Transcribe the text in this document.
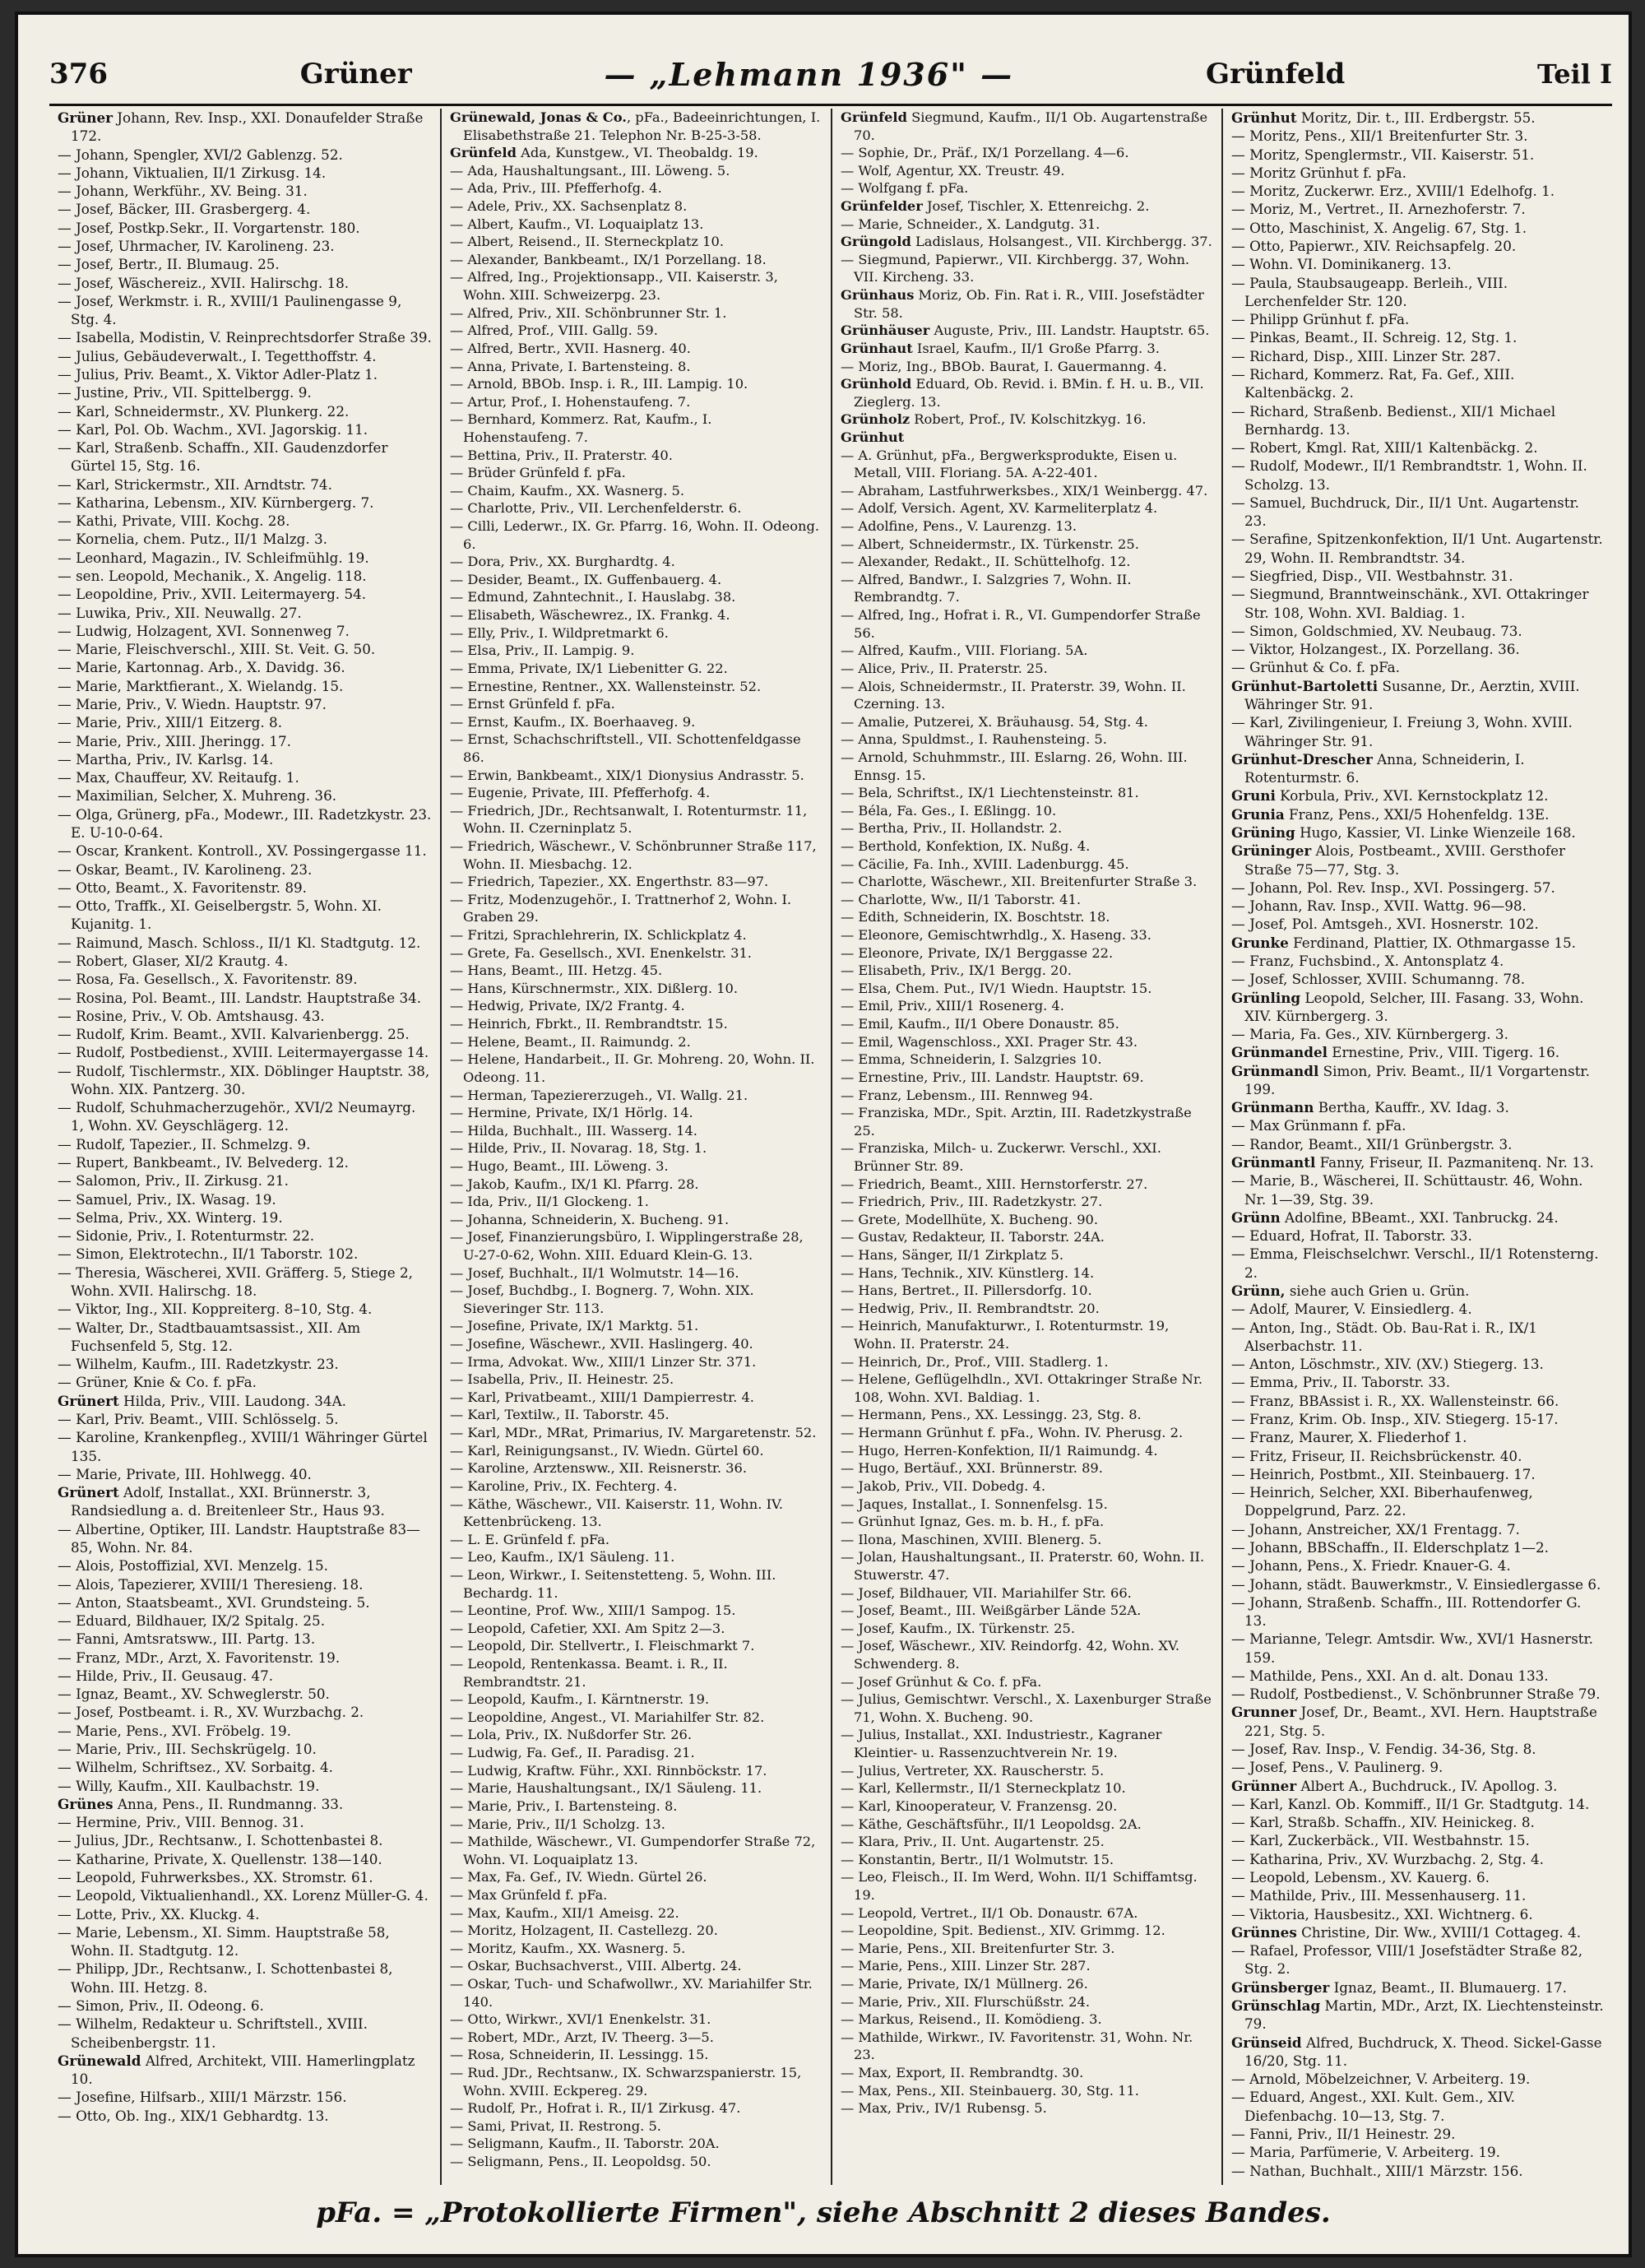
376	Grüner	— „Lehmann 1936" —	Grünfeld	Teil I

Grüner Johann, Rev. Insp., XXI. Donaufelder Straße 172.

— Johann, Spengler, XVI/2 Gablenzg. 52.

— Johann, Viktualien, II/1 Zirkusg. 14.

— Johann, Werkführ., XV. Being. 31.

— Josef, Bäcker, III. Grasbergerg. 4.

— Josef, Postkp.Sekr., II. Vorgartenstr. 180.

— Josef, Uhrmacher, IV. Karolineng. 23.

— Josef, Bertr., II. Blumaug. 25.

— Josef, Wäschereiz., XVII. Halirschg. 18.

— Josef, Werkmstr. i. R., XVIII/1 Paulinengasse 9, Stg. 4.

— Isabella, Modistin, V. Reinprechtsdorfer Straße 39.

— Julius, Gebäudeverwalt., I. Tegetthoffstr. 4.

— Julius, Priv. Beamt., X. Viktor Adler-Platz 1.

— Justine, Priv., VII. Spittelbergg. 9.

— Karl, Schneidermstr., XV. Plunkerg. 22.

— Karl, Pol. Ob. Wachm., XVI. Jagorskig. 11.

— Karl, Straßenb. Schaffn., XII. Gaudenzdorfer Gürtel 15, Stg. 16.

— Karl, Strickermstr., XII. Arndtstr. 74.

— Katharina, Lebensm., XIV. Kürnbergerg. 7.

— Kathi, Private, VIII. Kochg. 28.

— Kornelia, chem. Putz., II/1 Malzg. 3.

— Leonhard, Magazin., IV. Schleifmühlg. 19.

— sen. Leopold, Mechanik., X. Angelig. 118.

— Leopoldine, Priv., XVII. Leitermayerg. 54.

— Luwika, Priv., XII. Neuwallg. 27.

— Ludwig, Holzagent, XVI. Sonnenweg 7.

— Marie, Fleischverschl., XIII. St. Veit. G. 50.

— Marie, Kartonnag. Arb., X. Davidg. 36.

— Marie, Marktfierant., X. Wielandg. 15.

— Marie, Priv., V. Wiedn. Hauptstr. 97.

— Marie, Priv., XIII/1 Eitzerg. 8.

— Marie, Priv., XIII. Jheringg. 17.

— Martha, Priv., IV. Karlsg. 14.

— Max, Chauffeur, XV. Reitaufg. 1.

— Maximilian, Selcher, X. Muhreng. 36.

— Olga, Grünerg, pFa., Modewr., III. Radetzkystr. 23. E. U-10-0-64.

— Oscar, Krankent. Kontroll., XV. Possingergasse 11.

— Oskar, Beamt., IV. Karolineng. 23.

— Otto, Beamt., X. Favoritenstr. 89.

— Otto, Traffk., XI. Geiselbergstr. 5, Wohn. XI. Kujanitg. 1.

— Raimund, Masch. Schloss., II/1 Kl. Stadtgutg. 12.

— Robert, Glaser, XI/2 Krautg. 4.

— Rosa, Fa. Gesellsch., X. Favoritenstr. 89.

— Rosina, Pol. Beamt., III. Landstr. Hauptstraße 34.

— Rosine, Priv., V. Ob. Amtshausg. 43.

— Rudolf, Krim. Beamt., XVII. Kalvarienbergg. 25.

— Rudolf, Postbedienst., XVIII. Leitermayergasse 14.

— Rudolf, Tischlermstr., XIX. Döblinger Hauptstr. 38, Wohn. XIX. Pantzerg. 30.

— Rudolf, Schuhmacherzugehör., XVI/2 Neumayrg. 1, Wohn. XV. Geyschlägerg. 12.

— Rudolf, Tapezier., II. Schmelzg. 9.

— Rupert, Bankbeamt., IV. Belvederg. 12.

— Salomon, Priv., II. Zirkusg. 21.

— Samuel, Priv., IX. Wasag. 19.

— Selma, Priv., XX. Winterg. 19.

— Sidonie, Priv., I. Rotenturmstr. 22.

— Simon, Elektrotechn., II/1 Taborstr. 102.

— Theresia, Wäscherei, XVII. Gräfferg. 5, Stiege 2, Wohn. XVII. Halirschg. 18.

— Viktor, Ing., XII. Koppreiterg. 8–10, Stg. 4.

— Walter, Dr., Stadtbauamtsassist., XII. Am Fuchsenfeld 5, Stg. 12.

— Wilhelm, Kaufm., III. Radetzkystr. 23.

— Grüner, Knie & Co. f. pFa.

Grünert Hilda, Priv., VIII. Laudong. 34A.

— Karl, Priv. Beamt., VIII. Schlösselg. 5.

— Karoline, Krankenpfleg., XVIII/1 Währinger Gürtel 135.

— Marie, Private, III. Hohlwegg. 40.

Grünert Adolf, Installat., XXI. Brünnerstr. 3, Randsiedlung a. d. Breitenleer Str., Haus 93.

— Albertine, Optiker, III. Landstr. Hauptstraße 83—85, Wohn. Nr. 84.

— Alois, Postoffizial, XVI. Menzelg. 15.

— Alois, Tapezierer, XVIII/1 Theresieng. 18.

— Anton, Staatsbeamt., XVI. Grundsteing. 5.

— Eduard, Bildhauer, IX/2 Spitalg. 25.

— Fanni, Amtsratsww., III. Partg. 13.

— Franz, MDr., Arzt, X. Favoritenstr. 19.

— Hilde, Priv., II. Geusaug. 47.

— Ignaz, Beamt., XV. Schweglerstr. 50.

— Josef, Postbeamt. i. R., XV. Wurzbachg. 2.

— Marie, Pens., XVI. Fröbelg. 19.

— Marie, Priv., III. Sechskrügelg. 10.

— Wilhelm, Schriftsez., XV. Sorbaitg. 4.

— Willy, Kaufm., XII. Kaulbachstr. 19.

Grünes Anna, Pens., II. Rundmanng. 33.

— Hermine, Priv., VIII. Bennog. 31.

— Julius, JDr., Rechtsanw., I. Schottenbastei 8.

— Katharine, Private, X. Quellenstr. 138—140.

— Leopold, Fuhrwerksbes., XX. Stromstr. 61.

— Leopold, Viktualienhandl., XX. Lorenz Müller-G. 4.

— Lotte, Priv., XX. Kluckg. 4.

— Marie, Lebensm., XI. Simm. Hauptstraße 58, Wohn. II. Stadtgutg. 12.

— Philipp, JDr., Rechtsanw., I. Schottenbastei 8, Wohn. III. Hetzg. 8.

— Simon, Priv., II. Odeong. 6.

— Wilhelm, Redakteur u. Schriftstell., XVIII. Scheibenbergstr. 11.

Grünewald Alfred, Architekt, VIII. Hamerlingplatz 10.

— Josefine, Hilfsarb., XIII/1 Märzstr. 156.

— Otto, Ob. Ing., XIX/1 Gebhardtg. 13.

Grünewald, Jonas & Co., pFa., Badeeinrichtungen, I. Elisabethstraße 21. Telephon Nr. B-25-3-58.

Grünfeld Ada, Kunstgew., VI. Theobaldg. 19.

— Ada, Haushaltungsant., III. Löweng. 5.

— Ada, Priv., III. Pfefferhofg. 4.

— Adele, Priv., XX. Sachsenplatz 8.

— Albert, Kaufm., VI. Loquaiplatz 13.

— Albert, Reisend., II. Sterneckplatz 10.

— Alexander, Bankbeamt., IX/1 Porzellang. 18.

— Alfred, Ing., Projektionsapp., VII. Kaiserstr. 3, Wohn. XIII. Schweizerpg. 23.

— Alfred, Priv., XII. Schönbrunner Str. 1.

— Alfred, Prof., VIII. Gallg. 59.

— Alfred, Bertr., XVII. Hasnerg. 40.

— Anna, Private, I. Bartensteing. 8.

— Arnold, BBOb. Insp. i. R., III. Lampig. 10.

— Artur, Prof., I. Hohenstaufeng. 7.

— Bernhard, Kommerz. Rat, Kaufm., I. Hohenstaufeng. 7.

— Bettina, Priv., II. Praterstr. 40.

— Brüder Grünfeld f. pFa.

— Chaim, Kaufm., XX. Wasnerg. 5.

— Charlotte, Priv., VII. Lerchenfelderstr. 6.

— Cilli, Lederwr., IX. Gr. Pfarrg. 16, Wohn. II. Odeong. 6.

— Dora, Priv., XX. Burghardtg. 4.

— Desider, Beamt., IX. Guffenbauerg. 4.

— Edmund, Zahntechnit., I. Hauslabg. 38.

— Elisabeth, Wäschewrez., IX. Frankg. 4.

— Elly, Priv., I. Wildpretmarkt 6.

— Elsa, Priv., II. Lampig. 9.

— Emma, Private, IX/1 Liebenitter G. 22.

— Ernestine, Rentner., XX. Wallensteinstr. 52.

— Ernst Grünfeld f. pFa.

— Ernst, Kaufm., IX. Boerhaaveg. 9.

— Ernst, Schachschriftstell., VII. Schottenfeldgasse 86.

— Erwin, Bankbeamt., XIX/1 Dionysius Andrasstr. 5.

— Eugenie, Private, III. Pfefferhofg. 4.

— Friedrich, JDr., Rechtsanwalt, I. Rotenturmstr. 11, Wohn. II. Czerninplatz 5.

— Friedrich, Wäschewr., V. Schönbrunner Straße 117, Wohn. II. Miesbachg. 12.

— Friedrich, Tapezier., XX. Engerthstr. 83—97.

— Fritz, Modenzugehör., I. Trattnerhof 2, Wohn. I. Graben 29.

— Fritzi, Sprachlehrerin, IX. Schlickplatz 4.

— Grete, Fa. Gesellsch., XVI. Enenkelstr. 31.

— Hans, Beamt., III. Hetzg. 45.

— Hans, Kürschnermstr., XIX. Dißlerg. 10.

— Hedwig, Private, IX/2 Frantg. 4.

— Heinrich, Fbrkt., II. Rembrandtstr. 15.

— Helene, Beamt., II. Raimundg. 2.

— Helene, Handarbeit., II. Gr. Mohreng. 20, Wohn. II. Odeong. 11.

— Herman, Tapeziererzugeh., VI. Wallg. 21.

— Hermine, Private, IX/1 Hörlg. 14.

— Hilda, Buchhalt., III. Wasserg. 14.

— Hilde, Priv., II. Novarag. 18, Stg. 1.

— Hugo, Beamt., III. Löweng. 3.

— Jakob, Kaufm., IX/1 Kl. Pfarrg. 28.

— Ida, Priv., II/1 Glockeng. 1.

— Johanna, Schneiderin, X. Bucheng. 91.

— Josef, Finanzierungsbüro, I. Wipplingerstraße 28, U-27-0-62, Wohn. XIII. Eduard Klein-G. 13.

— Josef, Buchhalt., II/1 Wolmutstr. 14—16.

— Josef, Buchdbg., I. Bognerg. 7, Wohn. XIX. Sieveringer Str. 113.

— Josefine, Private, IX/1 Marktg. 51.

— Josefine, Wäschewr., XVII. Haslingerg. 40.

— Irma, Advokat. Ww., XIII/1 Linzer Str. 371.

— Isabella, Priv., II. Heinestr. 25.

— Karl, Privatbeamt., XIII/1 Dampierrestr. 4.

— Karl, Textilw., II. Taborstr. 45.

— Karl, MDr., MRat, Primarius, IV. Margaretenstr. 52.

— Karl, Reinigungsanst., IV. Wiedn. Gürtel 60.

— Karoline, Arztensww., XII. Reisnerstr. 36.

— Karoline, Priv., IX. Fechterg. 4.

— Käthe, Wäschewr., VII. Kaiserstr. 11, Wohn. IV. Kettenbrückeng. 13.

— L. E. Grünfeld f. pFa.

— Leo, Kaufm., IX/1 Säuleng. 11.

— Leon, Wirkwr., I. Seitenstetteng. 5, Wohn. III. Bechardg. 11.

— Leontine, Prof. Ww., XIII/1 Sampog. 15.

— Leopold, Cafetier, XXI. Am Spitz 2—3.

— Leopold, Dir. Stellvertr., I. Fleischmarkt 7.

— Leopold, Rentenkassa. Beamt. i. R., II. Rembrandtstr. 21.

— Leopold, Kaufm., I. Kärntnerstr. 19.

— Leopoldine, Angest., VI. Mariahilfer Str. 82.

— Lola, Priv., IX. Nußdorfer Str. 26.

— Ludwig, Fa. Gef., II. Paradisg. 21.

— Ludwig, Kraftw. Führ., XXI. Rinnböckstr. 17.

— Marie, Haushaltungsant., IX/1 Säuleng. 11.

— Marie, Priv., I. Bartensteing. 8.

— Marie, Priv., II/1 Scholzg. 13.

— Mathilde, Wäschewr., VI. Gumpendorfer Straße 72, Wohn. VI. Loquaiplatz 13.

— Max, Fa. Gef., IV. Wiedn. Gürtel 26.

— Max Grünfeld f. pFa.

— Max, Kaufm., XII/1 Ameisg. 22.

— Moritz, Holzagent, II. Castellezg. 20.

— Moritz, Kaufm., XX. Wasnerg. 5.

— Oskar, Buchsachverst., VIII. Albertg. 24.

— Oskar, Tuch- und Schafwollwr., XV. Mariahilfer Str. 140.

— Otto, Wirkwr., XVI/1 Enenkelstr. 31.

— Robert, MDr., Arzt, IV. Theerg. 3—5.

— Rosa, Schneiderin, II. Lessingg. 15.

— Rud. JDr., Rechtsanw., IX. Schwarzspanierstr. 15, Wohn. XVIII. Eckpereg. 29.

— Rudolf, Pr., Hofrat i. R., II/1 Zirkusg. 47.

— Sami, Privat, II. Restrong. 5.

— Seligmann, Kaufm., II. Taborstr. 20A.

— Seligmann, Pens., II. Leopoldsg. 50.

Grünfeld Siegmund, Kaufm., II/1 Ob. Augartenstraße 70.

— Sophie, Dr., Präf., IX/1 Porzellang. 4—6.

— Wolf, Agentur, XX. Treustr. 49.

— Wolfgang f. pFa.

Grünfelder Josef, Tischler, X. Ettenreichg. 2.

— Marie, Schneider., X. Landgutg. 31.

Grüngold Ladislaus, Holsangest., VII. Kirchbergg. 37.

— Siegmund, Papierwr., VII. Kirchbergg. 37, Wohn. VII. Kircheng. 33.

Grünhaus Moriz, Ob. Fin. Rat i. R., VIII. Josefstädter Str. 58.

Grünhäuser Auguste, Priv., III. Landstr. Hauptstr. 65.

Grünhaut Israel, Kaufm., II/1 Große Pfarrg. 3.

— Moriz, Ing., BBOb. Baurat, I. Gauermanng. 4.

Grünhold Eduard, Ob. Revid. i. BMin. f. H. u. B., VII. Zieglerg. 13.

Grünholz Robert, Prof., IV. Kolschitzkyg. 16.

Grünhut

— A. Grünhut, pFa., Bergwerksprodukte, Eisen u. Metall, VIII. Floriang. 5A. A-22-401.

— Abraham, Lastfuhrwerksbes., XIX/1 Weinbergg. 47.

— Adolf, Versich. Agent, XV. Karmeliterplatz 4.

— Adolfine, Pens., V. Laurenzg. 13.

— Albert, Schneidermstr., IX. Türkenstr. 25.

— Alexander, Redakt., II. Schüttelhofg. 12.

— Alfred, Bandwr., I. Salzgries 7, Wohn. II. Rembrandtg. 7.

— Alfred, Ing., Hofrat i. R., VI. Gumpendorfer Straße 56.

— Alfred, Kaufm., VIII. Floriang. 5A.

— Alice, Priv., II. Praterstr. 25.

— Alois, Schneidermstr., II. Praterstr. 39, Wohn. II. Czerning. 13.

— Amalie, Putzerei, X. Bräuhausg. 54, Stg. 4.

— Anna, Spuldmst., I. Rauhensteing. 5.

— Arnold, Schuhmmstr., III. Eslarng. 26, Wohn. III. Ennsg. 15.

— Bela, Schriftst., IX/1 Liechtensteinstr. 81.

— Béla, Fa. Ges., I. Eßlingg. 10.

— Bertha, Priv., II. Hollandstr. 2.

— Berthold, Konfektion, IX. Nußg. 4.

— Cäcilie, Fa. Inh., XVIII. Ladenburgg. 45.

— Charlotte, Wäschewr., XII. Breitenfurter Straße 3.

— Charlotte, Ww., II/1 Taborstr. 41.

— Edith, Schneiderin, IX. Boschtstr. 18.

— Eleonore, Gemischtwrhdlg., X. Haseng. 33.

— Eleonore, Private, IX/1 Berggasse 22.

— Elisabeth, Priv., IX/1 Bergg. 20.

— Elsa, Chem. Put., IV/1 Wiedn. Hauptstr. 15.

— Emil, Priv., XIII/1 Rosenerg. 4.

— Emil, Kaufm., II/1 Obere Donaustr. 85.

— Emil, Wagenschloss., XXI. Prager Str. 43.

— Emma, Schneiderin, I. Salzgries 10.

— Ernestine, Priv., III. Landstr. Hauptstr. 69.

— Franz, Lebensm., III. Rennweg 94.

— Franziska, MDr., Spit. Arztin, III. Radetzkystraße 25.

— Franziska, Milch- u. Zuckerwr. Verschl., XXI. Brünner Str. 89.

— Friedrich, Beamt., XIII. Hernstorferstr. 27.

— Friedrich, Priv., III. Radetzkystr. 27.

— Grete, Modellhüte, X. Bucheng. 90.

— Gustav, Redakteur, II. Taborstr. 24A.

— Hans, Sänger, II/1 Zirkplatz 5.

— Hans, Technik., XIV. Künstlerg. 14.

— Hans, Bertret., II. Pillersdorfg. 10.

— Hedwig, Priv., II. Rembrandtstr. 20.

— Heinrich, Manufakturwr., I. Rotenturmstr. 19, Wohn. II. Praterstr. 24.

— Heinrich, Dr., Prof., VIII. Stadlerg. 1.

— Helene, Geflügelhdln., XVI. Ottakringer Straße Nr. 108, Wohn. XVI. Baldiag. 1.

— Hermann, Pens., XX. Lessingg. 23, Stg. 8.

— Hermann Grünhut f. pFa., Wohn. IV. Pherusg. 2.

— Hugo, Herren-Konfektion, II/1 Raimundg. 4.

— Hugo, Bertäuf., XXI. Brünnerstr. 89.

— Jakob, Priv., VII. Dobedg. 4.

— Jaques, Installat., I. Sonnenfelsg. 15.

— Grünhut Ignaz, Ges. m. b. H., f. pFa.

— Ilona, Maschinen, XVIII. Blenerg. 5.

— Jolan, Haushaltungsant., II. Praterstr. 60, Wohn. II. Stuwerstr. 47.

— Josef, Bildhauer, VII. Mariahilfer Str. 66.

— Josef, Beamt., III. Weißgärber Lände 52A.

— Josef, Kaufm., IX. Türkenstr. 25.

— Josef, Wäschewr., XIV. Reindorfg. 42, Wohn. XV. Schwenderg. 8.

— Josef Grünhut & Co. f. pFa.

— Julius, Gemischtwr. Verschl., X. Laxenburger Straße 71, Wohn. X. Bucheng. 90.

— Julius, Installat., XXI. Industriestr., Kagraner Kleintier- u. Rassenzuchtverein Nr. 19.

— Julius, Vertreter, XX. Rauscherstr. 5.

— Karl, Kellermstr., II/1 Sterneckplatz 10.

— Karl, Kinooperateur, V. Franzensg. 20.

— Käthe, Geschäftsführ., II/1 Leopoldsg. 2A.

— Klara, Priv., II. Unt. Augartenstr. 25.

— Konstantin, Bertr., II/1 Wolmutstr. 15.

— Leo, Fleisch., II. Im Werd, Wohn. II/1 Schiffamtsg. 19.

— Leopold, Vertret., II/1 Ob. Donaustr. 67A.

— Leopoldine, Spit. Bedienst., XIV. Grimmg. 12.

— Marie, Pens., XII. Breitenfurter Str. 3.

— Marie, Pens., XIII. Linzer Str. 287.

— Marie, Private, IX/1 Müllnerg. 26.

— Marie, Priv., XII. Flurschüßstr. 24.

— Markus, Reisend., II. Komödieng. 3.

— Mathilde, Wirkwr., IV. Favoritenstr. 31, Wohn. Nr. 23.

— Max, Export, II. Rembrandtg. 30.

— Max, Pens., XII. Steinbauerg. 30, Stg. 11.

— Max, Priv., IV/1 Rubensg. 5.

Grünhut Moritz, Dir. t., III. Erdbergstr. 55.

— Moritz, Pens., XII/1 Breitenfurter Str. 3.

— Moritz, Spenglermstr., VII. Kaiserstr. 51.

— Moritz Grünhut f. pFa.

— Moritz, Zuckerwr. Erz., XVIII/1 Edelhofg. 1.

— Moriz, M., Vertret., II. Arnezhoferstr. 7.

— Otto, Maschinist, X. Angelig. 67, Stg. 1.

— Otto, Papierwr., XIV. Reichsapfelg. 20.

— Wohn. VI. Dominikanerg. 13.

— Paula, Staubsaugeapp. Berleih., VIII. Lerchenfelder Str. 120.

— Philipp Grünhut f. pFa.

— Pinkas, Beamt., II. Schreig. 12, Stg. 1.

— Richard, Disp., XIII. Linzer Str. 287.

— Richard, Kommerz. Rat, Fa. Gef., XIII. Kaltenbäckg. 2.

— Richard, Straßenb. Bedienst., XII/1 Michael Bernhardg. 13.

— Robert, Kmgl. Rat, XIII/1 Kaltenbäckg. 2.

— Rudolf, Modewr., II/1 Rembrandtstr. 1, Wohn. II. Scholzg. 13.

— Samuel, Buchdruck, Dir., II/1 Unt. Augartenstr. 23.

— Serafine, Spitzenkonfektion, II/1 Unt. Augartenstr. 29, Wohn. II. Rembrandtstr. 34.

— Siegfried, Disp., VII. Westbahnstr. 31.

— Siegmund, Branntweinschänk., XVI. Ottakringer Str. 108, Wohn. XVI. Baldiag. 1.

— Simon, Goldschmied, XV. Neubaug. 73.

— Viktor, Holzangest., IX. Porzellang. 36.

— Grünhut & Co. f. pFa.

Grünhut-Bartoletti Susanne, Dr., Aerztin, XVIII. Währinger Str. 91.

— Karl, Zivilingenieur, I. Freiung 3, Wohn. XVIII. Währinger Str. 91.

Grünhut-Drescher Anna, Schneiderin, I. Rotenturmstr. 6.

Gruni Korbula, Priv., XVI. Kernstockplatz 12.

Grunia Franz, Pens., XXI/5 Hohenfeldg. 13E.

Grüning Hugo, Kassier, VI. Linke Wienzeile 168.

Grüninger Alois, Postbeamt., XVIII. Gersthofer Straße 75—77, Stg. 3.

— Johann, Pol. Rev. Insp., XVI. Possingerg. 57.

— Johann, Rav. Insp., XVII. Wattg. 96—98.

— Josef, Pol. Amtsgeh., XVI. Hosnerstr. 102.

Grunke Ferdinand, Plattier, IX. Othmargasse 15.

— Franz, Fuchsbind., X. Antonsplatz 4.

— Josef, Schlosser, XVIII. Schumanng. 78.

Grünling Leopold, Selcher, III. Fasang. 33, Wohn. XIV. Kürnbergerg. 3.

— Maria, Fa. Ges., XIV. Kürnbergerg. 3.

Grünmandel Ernestine, Priv., VIII. Tigerg. 16.

Grünmandl Simon, Priv. Beamt., II/1 Vorgartenstr. 199.

Grünmann Bertha, Kauffr., XV. Idag. 3.

— Max Grünmann f. pFa.

— Randor, Beamt., XII/1 Grünbergstr. 3.

Grünmantl Fanny, Friseur, II. Pazmanitenq. Nr. 13.

— Marie, B., Wäscherei, II. Schüttaustr. 46, Wohn. Nr. 1—39, Stg. 39.

Grünn Adolfine, BBeamt., XXI. Tanbruckg. 24.

— Eduard, Hofrat, II. Taborstr. 33.

— Emma, Fleischselchwr. Verschl., II/1 Rotensterng. 2.

Grünn, siehe auch Grien u. Grün.

— Adolf, Maurer, V. Einsiedlerg. 4.

— Anton, Ing., Städt. Ob. Bau-Rat i. R., IX/1 Alserbachstr. 11.

— Anton, Löschmstr., XIV. (XV.) Stiegerg. 13.

— Emma, Priv., II. Taborstr. 33.

— Franz, BBAssist i. R., XX. Wallensteinstr. 66.

— Franz, Krim. Ob. Insp., XIV. Stiegerg. 15-17.

— Franz, Maurer, X. Fliederhof 1.

— Fritz, Friseur, II. Reichsbrückenstr. 40.

— Heinrich, Postbmt., XII. Steinbauerg. 17.

— Heinrich, Selcher, XXI. Biberhaufenweg, Doppelgrund, Parz. 22.

— Johann, Anstreicher, XX/1 Frentagg. 7.

— Johann, BBSchaffn., II. Elderschplatz 1—2.

— Johann, Pens., X. Friedr. Knauer-G. 4.

— Johann, städt. Bauwerkmstr., V. Einsiedlergasse 6.

— Johann, Straßenb. Schaffn., III. Rottendorfer G. 13.

— Marianne, Telegr. Amtsdir. Ww., XVI/1 Hasnerstr. 159.

— Mathilde, Pens., XXI. An d. alt. Donau 133.

— Rudolf, Postbedienst., V. Schönbrunner Straße 79.

Grunner Josef, Dr., Beamt., XVI. Hern. Hauptstraße 221, Stg. 5.

— Josef, Rav. Insp., V. Fendig. 34-36, Stg. 8.

— Josef, Pens., V. Paulinerg. 9.

Grünner Albert A., Buchdruck., IV. Apollog. 3.

— Karl, Kanzl. Ob. Kommiff., II/1 Gr. Stadtgutg. 14.

— Karl, Straßb. Schaffn., XIV. Heinickeg. 8.

— Karl, Zuckerbäck., VII. Westbahnstr. 15.

— Katharina, Priv., XV. Wurzbachg. 2, Stg. 4.

— Leopold, Lebensm., XV. Kauerg. 6.

— Mathilde, Priv., III. Messenhauserg. 11.

— Viktoria, Hausbesitz., XXI. Wichtnerg. 6.

Grünnes Christine, Dir. Ww., XVIII/1 Cottageg. 4.

— Rafael, Professor, VIII/1 Josefstädter Straße 82, Stg. 2.

Grünsberger Ignaz, Beamt., II. Blumauerg. 17.

Grünschlag Martin, MDr., Arzt, IX. Liechtensteinstr. 79.

Grünseid Alfred, Buchdruck, X. Theod. Sickel-Gasse 16/20, Stg. 11.

— Arnold, Möbelzeichner, V. Arbeiterg. 19.

— Eduard, Angest., XXI. Kult. Gem., XIV. Diefenbachg. 10—13, Stg. 7.

— Fanni, Priv., II/1 Heinestr. 29.

— Maria, Parfümerie, V. Arbeiterg. 19.

— Nathan, Buchhalt., XIII/1 Märzstr. 156.

pFa. = „Protokollierte Firmen", siehe Abschnitt 2 dieses Bandes.
